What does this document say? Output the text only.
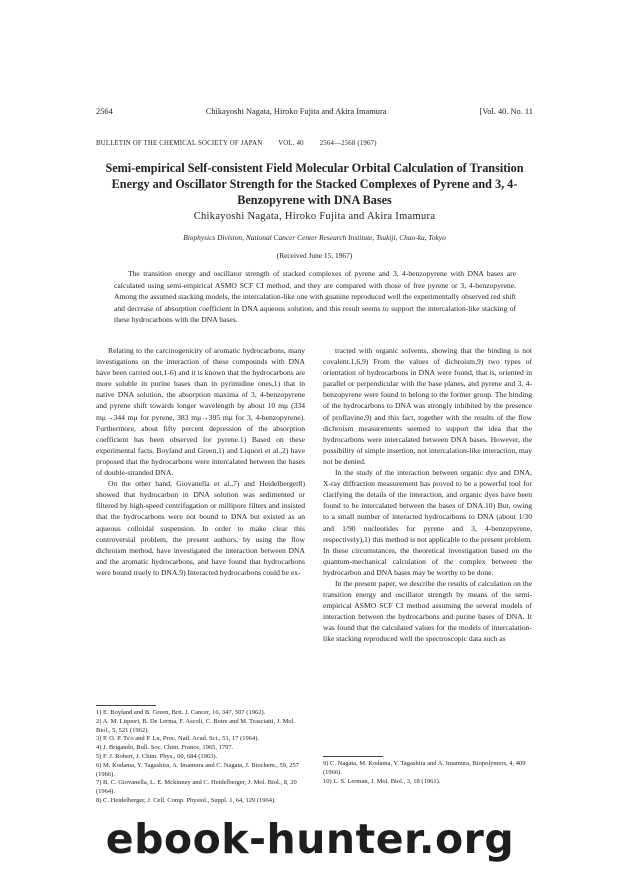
2564	Chikayoshi Nagata, Hiroko Fujita and Akira Imamura	[Vol. 40. No. 11
BULLETIN OF THE CHEMICAL SOCIETY OF JAPAN VOL. 40 2564—2568 (1967)
Semi-empirical Self-consistent Field Molecular Orbital Calculation of Transition Energy and Oscillator Strength for the Stacked Complexes of Pyrene and 3, 4-Benzopyrene with DNA Bases
Chikayoshi Nagata, Hiroko Fujita and Akira Imamura
Biophysics Division, National Cancer Center Research Institute, Tsukiji, Chuo-ku, Tokyo
(Received June 15, 1967)

The transition energy and oscillator strength of stacked complexes of pyrene and 3, 4-benzopyrene with DNA bases are calculated using semi-empirical ASMO SCF CI method, and they are compared with those of free pyrene or 3, 4-benzopyrene. Among the assumed stacking models, the intercalation-like one with guanine reproduced well the experimentally observed red shift and decrease of absorption coefficient in DNA aqueous solution, and this result seems to support the intercalation-like stacking of these hydrocarbons with the DNA bases.

Relating to the carcinogenicity of aromatic hydrocarbons, many investigations on the interaction of these compounds with DNA have been carried out,1-6) and it is known that the hydrocarbons are more soluble in purine bases than in pyrimidine ones,1) that in native DNA solution, the absorption maxima of 3, 4-benzopyrene and pyrene shift towards longer wavelength by about 10 mμ (334 mμ→344 mμ for pyrene, 383 mμ→395 mμ for 3, 4-benzopyrene). Furthermore, about fifty percent depression of the absorption coefficient has been observed for pyrene.1) Based on these experimental facts, Boyland and Green,1) and Liquori et al.,2) have proposed that the hydrocarbons were intercalated between the bases of double-stranded DNA.

On the other hand, Giovanella et al.,7) and Heidelberger8) showed that hydrocarbon in DNA solution was sedimented or filtered by high-speed centrifugation or millipore filters and insisted that the hydrocarbons were not bound to DNA but existed as an aqueous colloidal suspension. In order to make clear this controversial problem, the present authors, by using the flow dichroism method, have investigated the interaction between DNA and the aromatic hydrocarbons, and have found that hydrocarbons were bound truely to DNA.9) Interacted hydrocarbons could be ex-

tracted with organic solvents, showing that the binding is not covalent.1,6,9) From the values of dichroism,9) two types of orientation of hydrocarbons in DNA were found, that is, oriented in parallel or perpendicular with the base planes, and pyrene and 3, 4-benzopyrene were found to belong to the former group. The binding of the hydrocarbons to DNA was strongly inhibited by the presence of proflavine,9) and this fact, together with the results of the flow dichroism measurements seemed to support the idea that the hydrocarbons were intercalated between DNA bases. However, the possibility of simple insertion, not intercalation-like interaction, may not be denied.

In the study of the interaction between organic dye and DNA, X-ray diffraction measurement has proved to be a powerful tool for clarifying the details of the interaction, and organic dyes have been found to be intercalated between the bases of DNA.10) But, owing to a small number of interacted hydrocarbons to DNA (about 1/30 and 1/90 nucleotides for pyrene and 3, 4-benzopyrene, respectively),1) this method is not applicable to the present problem. In these circumstances, the theoretical investigation based on the quantum-mechanical calculation of the complex between the hydrocarbon and DNA bases may be worthy to be done.

In the present paper, we describe the results of calculation on the transition energy and oscillator strength by means of the semi-empirical ASMO SCF CI method assuming the several models of interaction between the hydrocarbons and purine bases of DNA. It was found that the calculated values for the models of intercalation-like stacking reproduced well the spectroscopic data such as

1) E. Boyland and B. Green, Brit. J. Cancer, 16, 347, 507 (1962).
2) A. M. Liquori, B. De Lerma, F. Ascoli, C. Botre and M. Trasciatti, J. Mol. Biol., 5, 521 (1962).
3) P. O. P. Ts'o and P. Lu, Proc. Natl. Acad. Sci., 51, 17 (1964).
4) J. Brigando, Bull. Soc. Chim. France, 1965, 1797.
5) F. J. Robert, J. Chim. Phys., 60, 684 (1963).
6) M. Kodama, Y. Tagashira, A. Imamura and C. Nagata, J. Biochem., 59, 257 (1966).
7) B. C. Giovanella, L. E. Mckinney and C. Heidelberger, J. Mol. Biol., 8, 20 (1964).
8) C. Heidelberger, J. Cell. Comp. Physiol., Suppl. 1, 64, 129 (1964).
9) C. Nagata, M. Kodama, Y. Tagashira and A. Imamura, Biopolymers, 4, 409 (1966).
10) L. S. Lerman, J. Mol. Biol., 3, 18 (1961).
ebook-hunter.org
